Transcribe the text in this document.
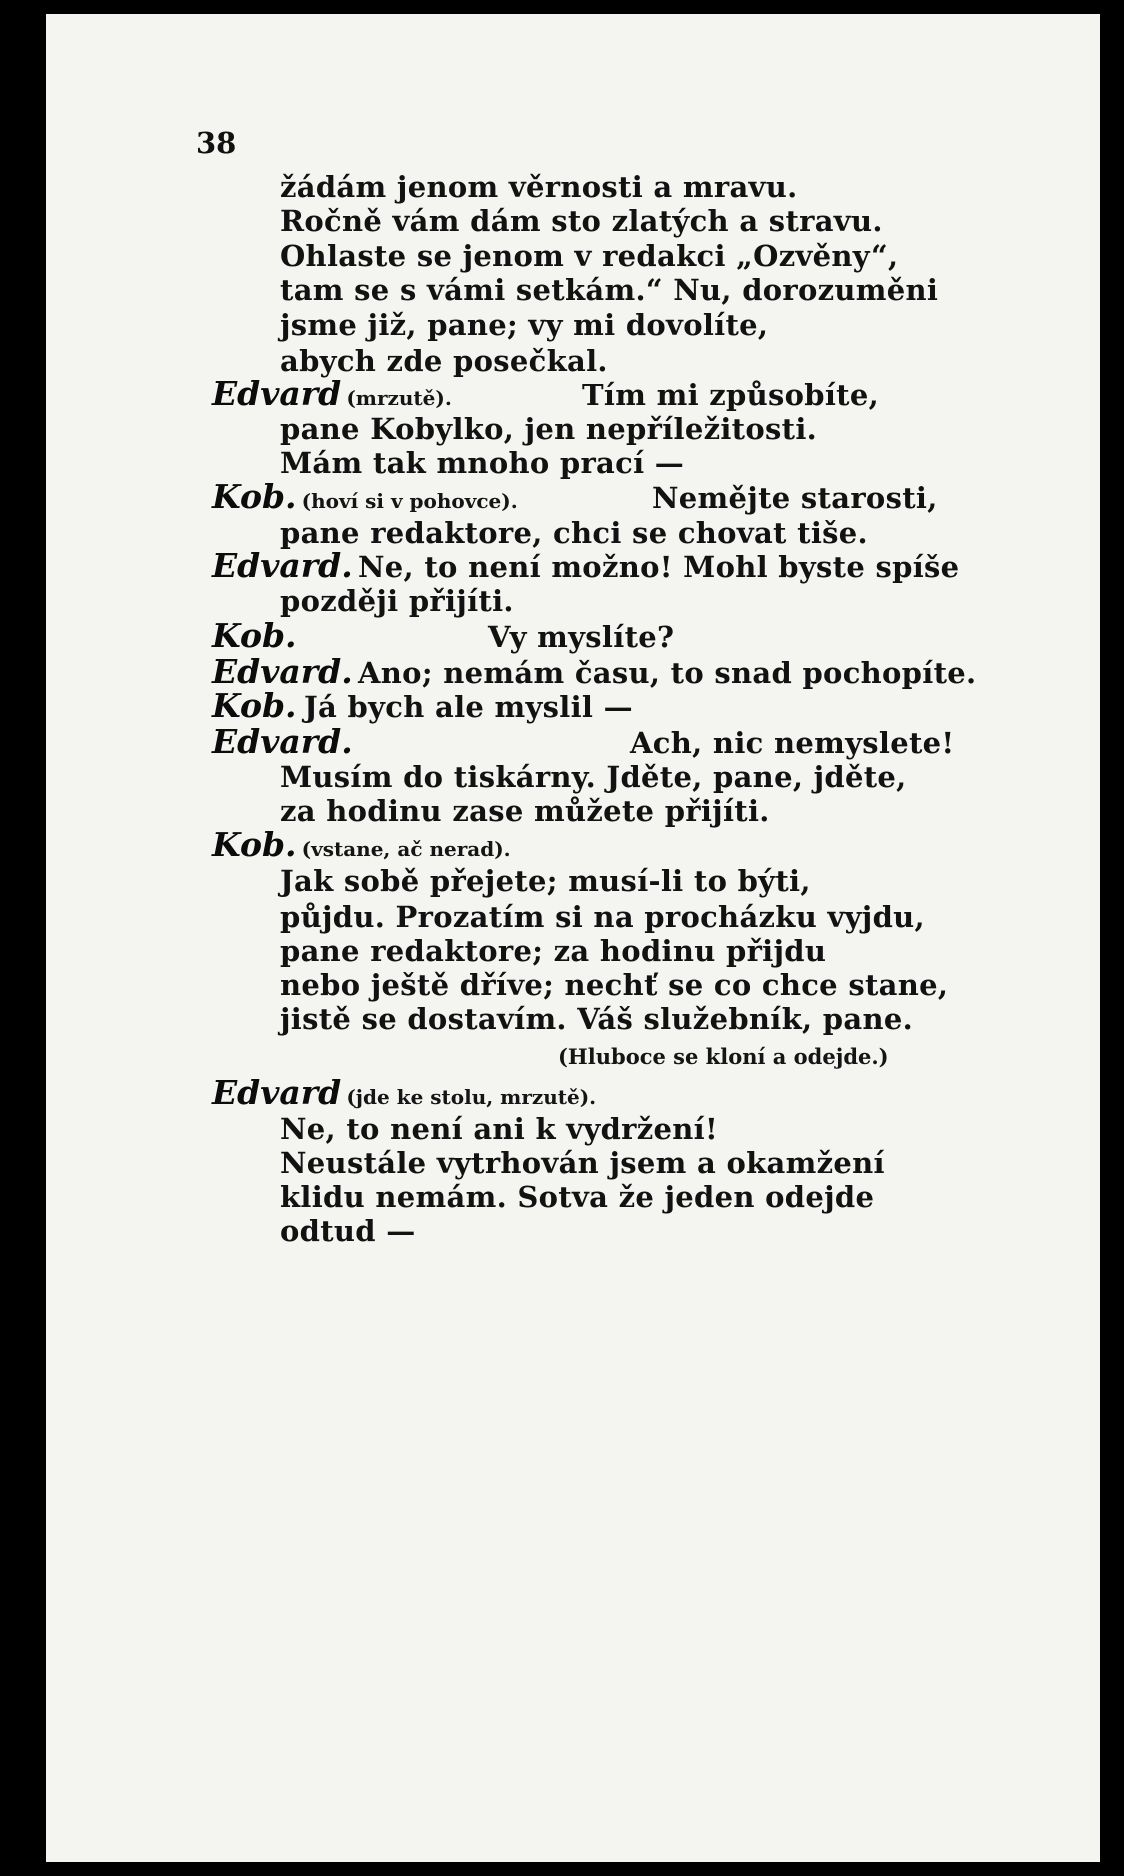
38
žádám jenom věrnosti a mravu.
Ročně vám dám sto zlatých a stravu.
Ohlaste se jenom v redakci „Ozvěny“,
tam se s vámi setkám.“ Nu, dorozuměni
jsme již, pane; vy mi dovolíte,
abych zde posečkal.
Edvard (mrzutě).	Tím mi způsobíte,
pane Kobylko, jen nepříležitosti.
Mám tak mnoho prací —
Kob. (hoví si v pohovce).	Nemějte starosti,
pane redaktore, chci se chovat tiše.
Edvard. Ne, to není možno! Mohl byste spíše
později přijíti.
Kob.	Vy myslíte?
Edvard. Ano; nemám času, to snad pochopíte.
Kob. Já bych ale myslil —
Edvard.	Ach, nic nemyslete!
Musím do tiskárny. Jděte, pane, jděte,
za hodinu zase můžete přijíti.
Kob. (vstane, ač nerad).
Jak sobě přejete; musí-li to býti,
půjdu. Prozatím si na procházku vyjdu,
pane redaktore; za hodinu přijdu
nebo ještě dříve; nechť se co chce stane,
jistě se dostavím. Váš služebník, pane.
(Hluboce se kloní a odejde.)
Edvard (jde ke stolu, mrzutě).
Ne, to není ani k vydržení!
Neustále vytrhován jsem a okamžení
klidu nemám. Sotva že jeden odejde
odtud —
